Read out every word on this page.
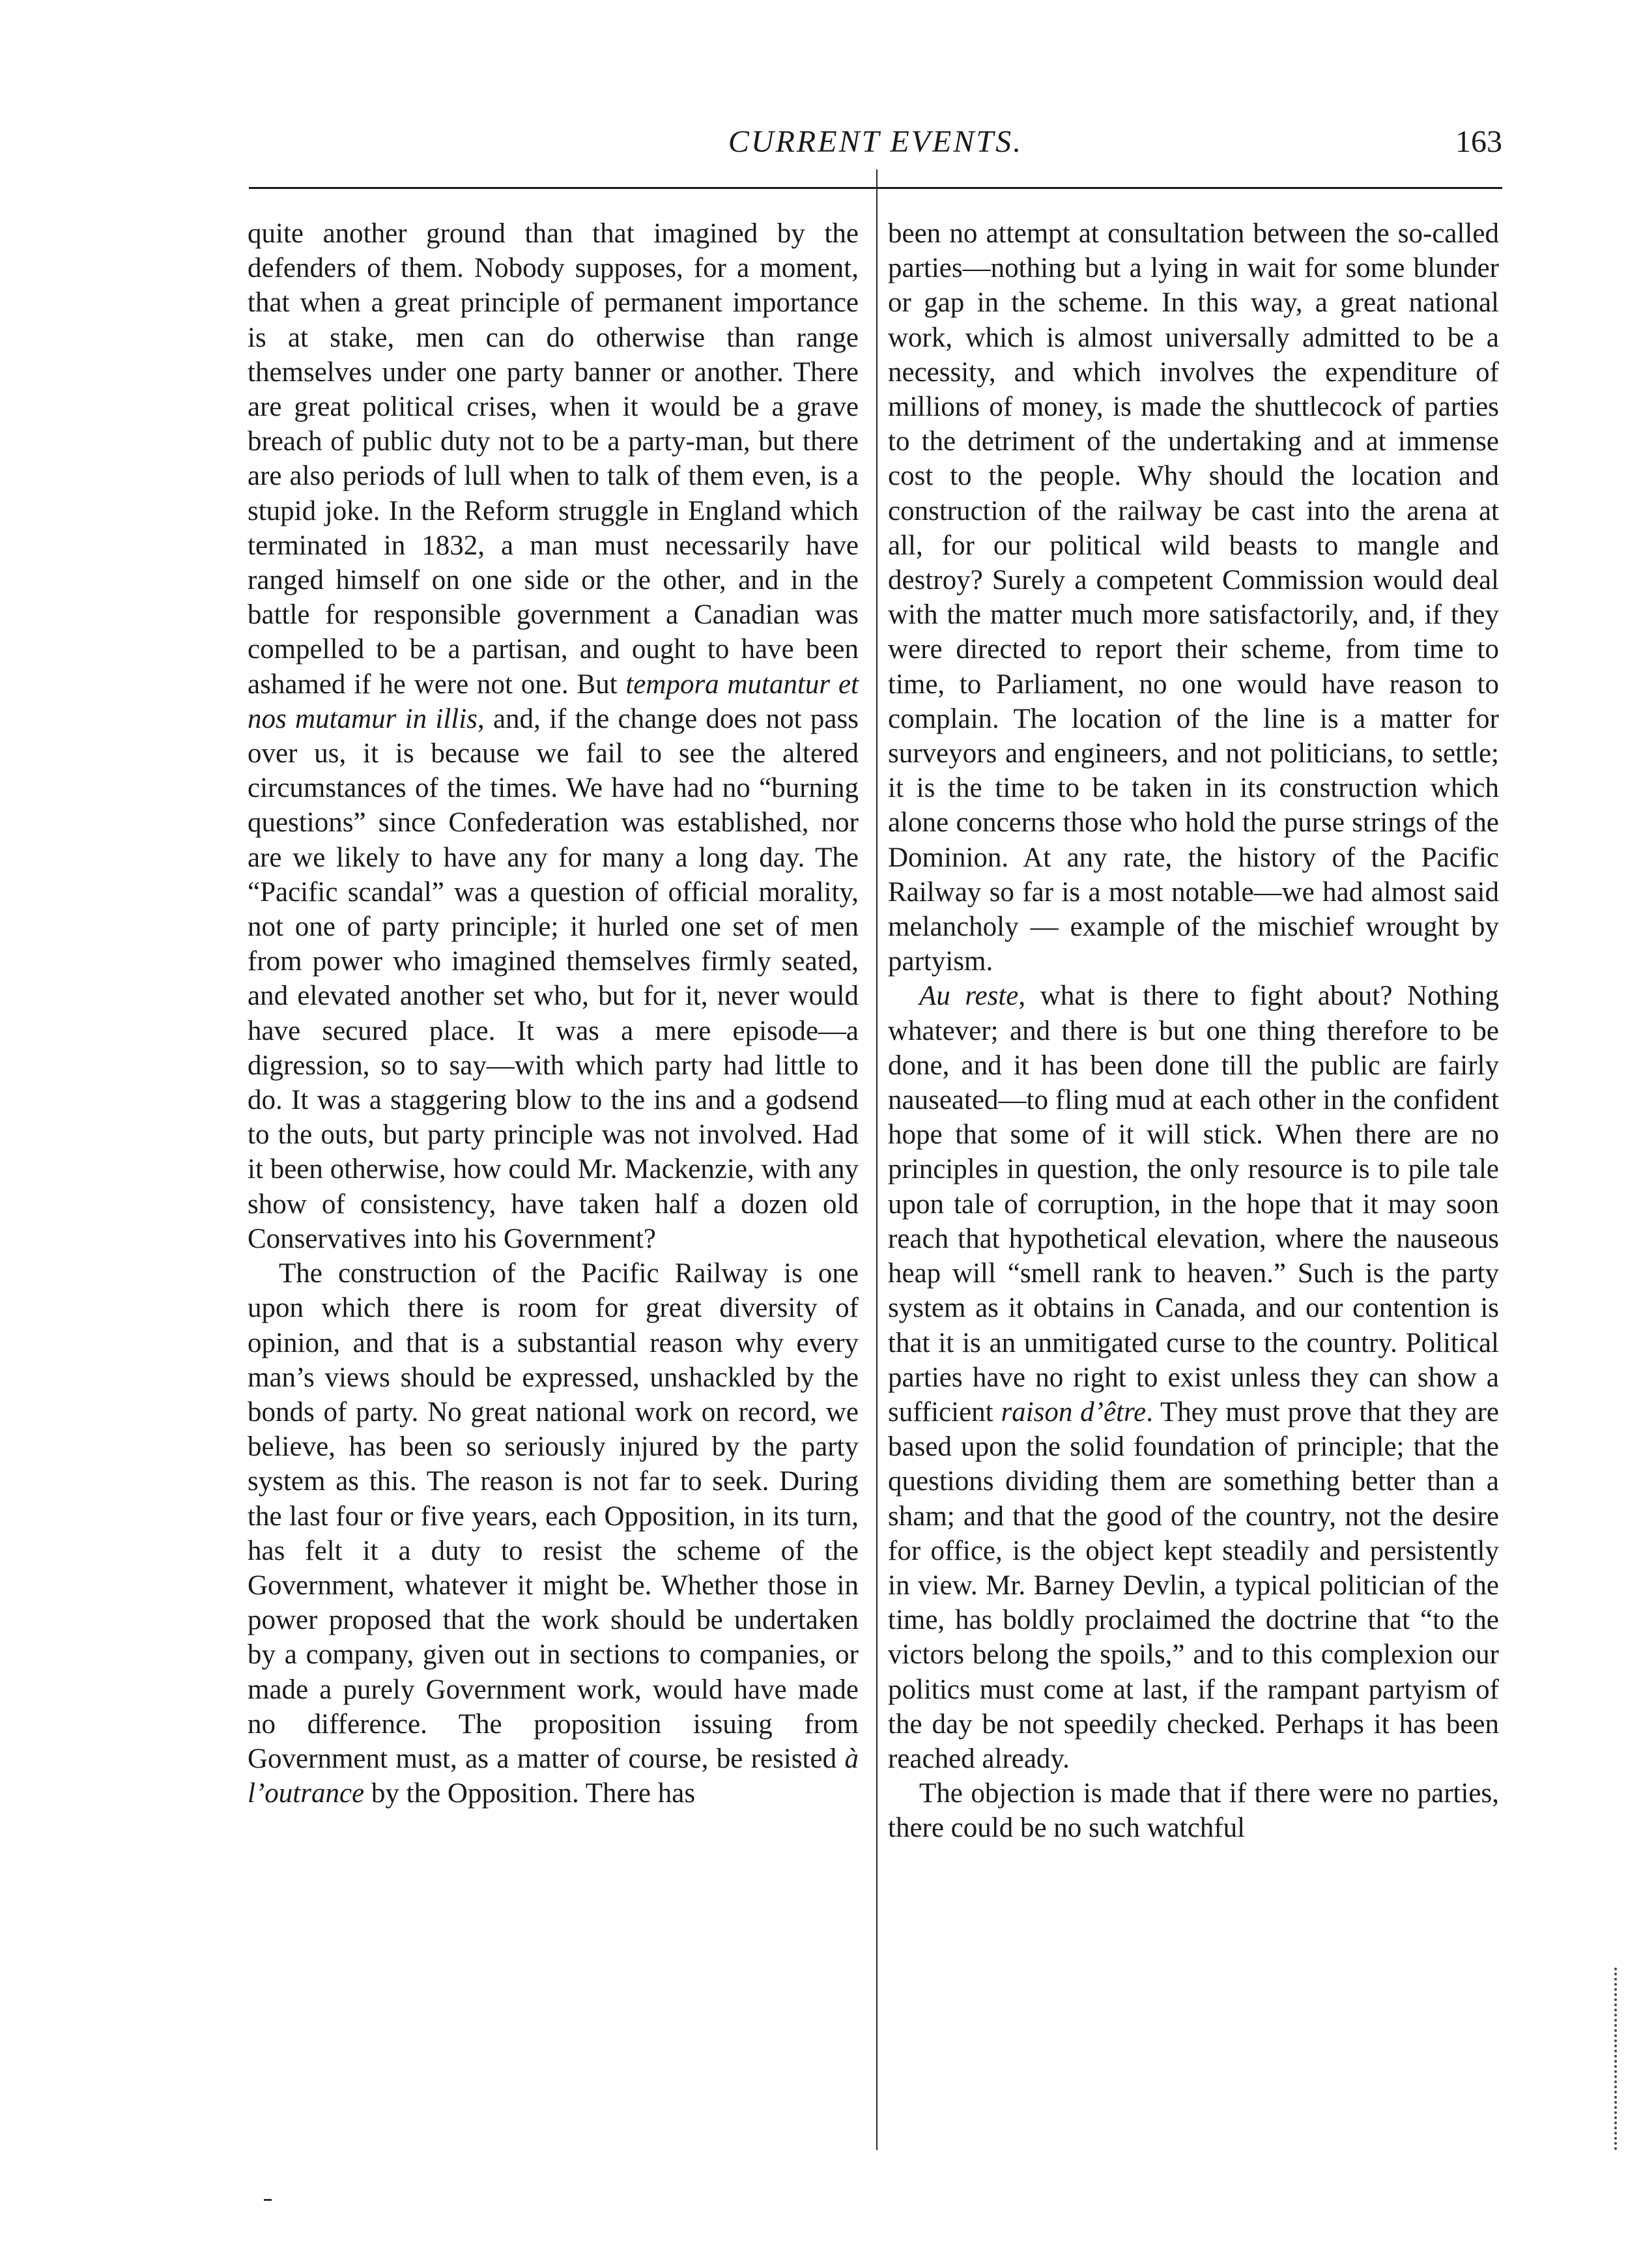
CURRENT EVENTS.	163

quite another ground than that imagined by the defenders of them. Nobody supposes, for a moment, that when a great principle of permanent importance is at stake, men can do otherwise than range themselves under one party banner or another. There are great political crises, when it would be a grave breach of public duty not to be a party-man, but there are also periods of lull when to talk of them even, is a stupid joke. In the Reform struggle in England which terminated in 1832, a man must necessarily have ranged himself on one side or the other, and in the battle for responsible government a Canadian was compelled to be a partisan, and ought to have been ashamed if he were not one. But tempora mutantur et nos mutamur in illis, and, if the change does not pass over us, it is because we fail to see the altered circumstances of the times. We have had no “burning questions” since Confederation was established, nor are we likely to have any for many a long day. The “Pacific scandal” was a question of official morality, not one of party principle; it hurled one set of men from power who imagined themselves firmly seated, and elevated another set who, but for it, never would have secured place. It was a mere episode—a digression, so to say—with which party had little to do. It was a staggering blow to the ins and a godsend to the outs, but party principle was not involved. Had it been otherwise, how could Mr. Mackenzie, with any show of consistency, have taken half a dozen old Conservatives into his Government?

The construction of the Pacific Railway is one upon which there is room for great diversity of opinion, and that is a substantial reason why every man’s views should be expressed, unshackled by the bonds of party. No great national work on record, we believe, has been so seriously injured by the party system as this. The reason is not far to seek. During the last four or five years, each Opposition, in its turn, has felt it a duty to resist the scheme of the Government, whatever it might be. Whether those in power proposed that the work should be undertaken by a company, given out in sections to companies, or made a purely Government work, would have made no difference. The proposition issuing from Government must, as a matter of course, be resisted à l’outrance by the Opposition. There has

been no attempt at consultation between the so-called parties—nothing but a lying in wait for some blunder or gap in the scheme. In this way, a great national work, which is almost universally admitted to be a necessity, and which involves the expenditure of millions of money, is made the shuttlecock of parties to the detriment of the undertaking and at immense cost to the people. Why should the location and construction of the railway be cast into the arena at all, for our political wild beasts to mangle and destroy? Surely a competent Commission would deal with the matter much more satisfactorily, and, if they were directed to report their scheme, from time to time, to Parliament, no one would have reason to complain. The location of the line is a matter for surveyors and engineers, and not politicians, to settle; it is the time to be taken in its construction which alone concerns those who hold the purse strings of the Dominion. At any rate, the history of the Pacific Railway so far is a most notable—we had almost said melancholy — example of the mischief wrought by partyism.

Au reste, what is there to fight about? Nothing whatever; and there is but one thing therefore to be done, and it has been done till the public are fairly nauseated—to fling mud at each other in the confident hope that some of it will stick. When there are no principles in question, the only resource is to pile tale upon tale of corruption, in the hope that it may soon reach that hypothetical elevation, where the nauseous heap will “smell rank to heaven.” Such is the party system as it obtains in Canada, and our contention is that it is an unmitigated curse to the country. Political parties have no right to exist unless they can show a sufficient raison d’être. They must prove that they are based upon the solid foundation of principle; that the questions dividing them are something better than a sham; and that the good of the country, not the desire for office, is the object kept steadily and persistently in view. Mr. Barney Devlin, a typical politician of the time, has boldly proclaimed the doctrine that “to the victors belong the spoils,” and to this complexion our politics must come at last, if the rampant partyism of the day be not speedily checked. Perhaps it has been reached already.

The objection is made that if there were no parties, there could be no such watchful
